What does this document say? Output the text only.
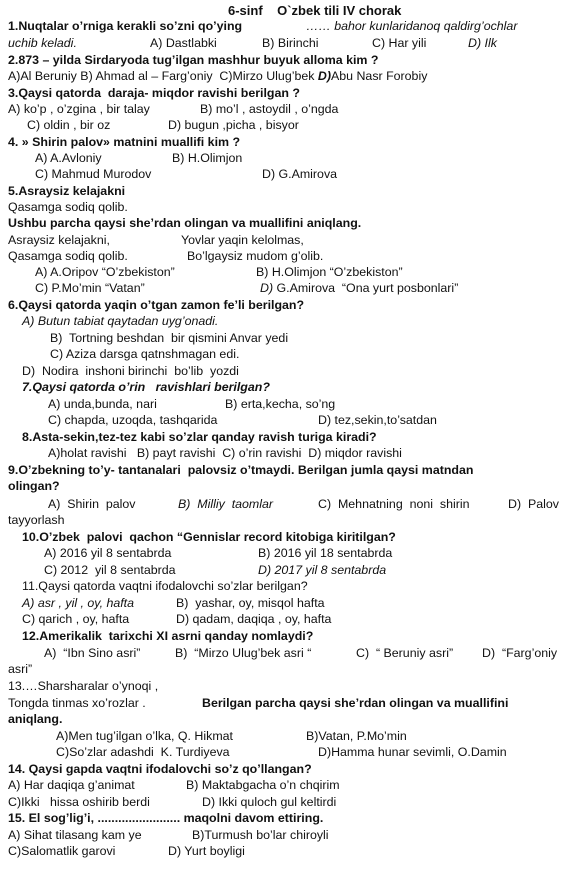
6-sinf    O`zbek tili IV chorak
1.Nuqtalar o’rniga kerakli so’zni qo’ying	…… bahor kunlaridanoq qaldirg’ochlar
uchib keladi.	A) Dastlabki	B) Birinchi	C) Har yili	D) Ilk
2.873 – yilda Sirdaryoda tug’ilgan mashhur buyuk alloma kim ?
A)Al Beruniy B) Ahmad al – Farg’oniy  C)Mirzo Ulug’bek D)Abu Nasr Forobiy
3.Qaysi qatorda  daraja- miqdor ravishi berilgan ?
A) ko’p , o’zgina , bir talay	B) mo’l , astoydil , o’ngda
C) oldin , bir oz	D) bugun ,picha , bisyor
4. » Shirin palov» matnini muallifi kim ?
A) A.Avloniy	B) H.Olimjon
C) Mahmud Murodov	D) G.Amirova
5.Asraysiz kelajakni
Qasamga sodiq qolib.
Ushbu parcha qaysi she’rdan olingan va muallifini aniqlang.
Asraysiz kelajakni,	Yovlar yaqin kelolmas,
Qasamga sodiq qolib.	Bo’lgaysiz mudom g’olib.
A) A.Oripov “O’zbekiston”	B) H.Olimjon “O’zbekiston”
C) P.Mo’min “Vatan”	D) G.Amirova  “Ona yurt posbonlari”
6.Qaysi qatorda yaqin o’tgan zamon fe’li berilgan?
A) Butun tabiat qaytadan uyg’onadi.
B)  Tortning beshdan  bir qismini Anvar yedi
C) Aziza darsga qatnshmagan edi.
D)  Nodira  inshoni birinchi  bo’lib  yozdi
7.Qaysi qatorda o’rin   ravishlari berilgan?
A) unda,bunda, nari	B) erta,kecha, so’ng
C) chapda, uzoqda, tashqarida	D) tez,sekin,to’satdan
8.Asta-sekin,tez-tez kabi so’zlar qanday ravish turiga kiradi?
A)holat ravishi   B) payt ravishi  C) o’rin ravishi  D) miqdor ravishi
9.O’zbekning to’y- tantanalari  palovsiz o’tmaydi. Berilgan jumla qaysi matndan
olingan?
A)  Shirin  palov	B)  Milliy  taomlar	C)  Mehnatning  noni  shirin	D)  Palov
tayyorlash
10.O’zbek  palovi  qachon “Gennislar record kitobiga kiritilgan?
A) 2016 yil 8 sentabrda	B) 2016 yil 18 sentabrda
C) 2012  yil 8 sentabrda	D) 2017 yil 8 sentabrda
11.Qaysi qatorda vaqtni ifodalovchi so’zlar berilgan?
A) asr , yil , oy, hafta	B)  yashar, oy, misqol hafta
C) qarich , oy, hafta	D) qadam, daqiqa , oy, hafta
12.Amerikalik  tarixchi XI asrni qanday nomlaydi?
A)  “Ibn Sino asri”	B)  “Mirzo Ulug’bek asri “	C)  “ Beruniy asri” D)  “Farg’oniy
asri”
13.…Sharsharalar o’ynoqi ,
Tongda tinmas xo’rozlar .	Berilgan parcha qaysi she’rdan olingan va muallifini
aniqlang.
A)Men tug’ilgan o’lka, Q. Hikmat	B)Vatan, P.Mo’min
C)So’zlar adashdi  K. Turdiyeva	D)Hamma hunar sevimli, O.Damin
14. Qaysi gapda vaqtni ifodalovchi so’z qo’llangan?
A) Har daqiqa g’animat	B) Maktabgacha o’n chqirim
C)Ikki   hissa oshirib berdi	D) Ikki quloch gul keltirdi
15. El sog’lig’i, ........................ maqolni davom ettiring.
A) Sihat tilasang kam ye	B)Turmush bo’lar chiroyli
C)Salomatlik garovi	D) Yurt boyligi
